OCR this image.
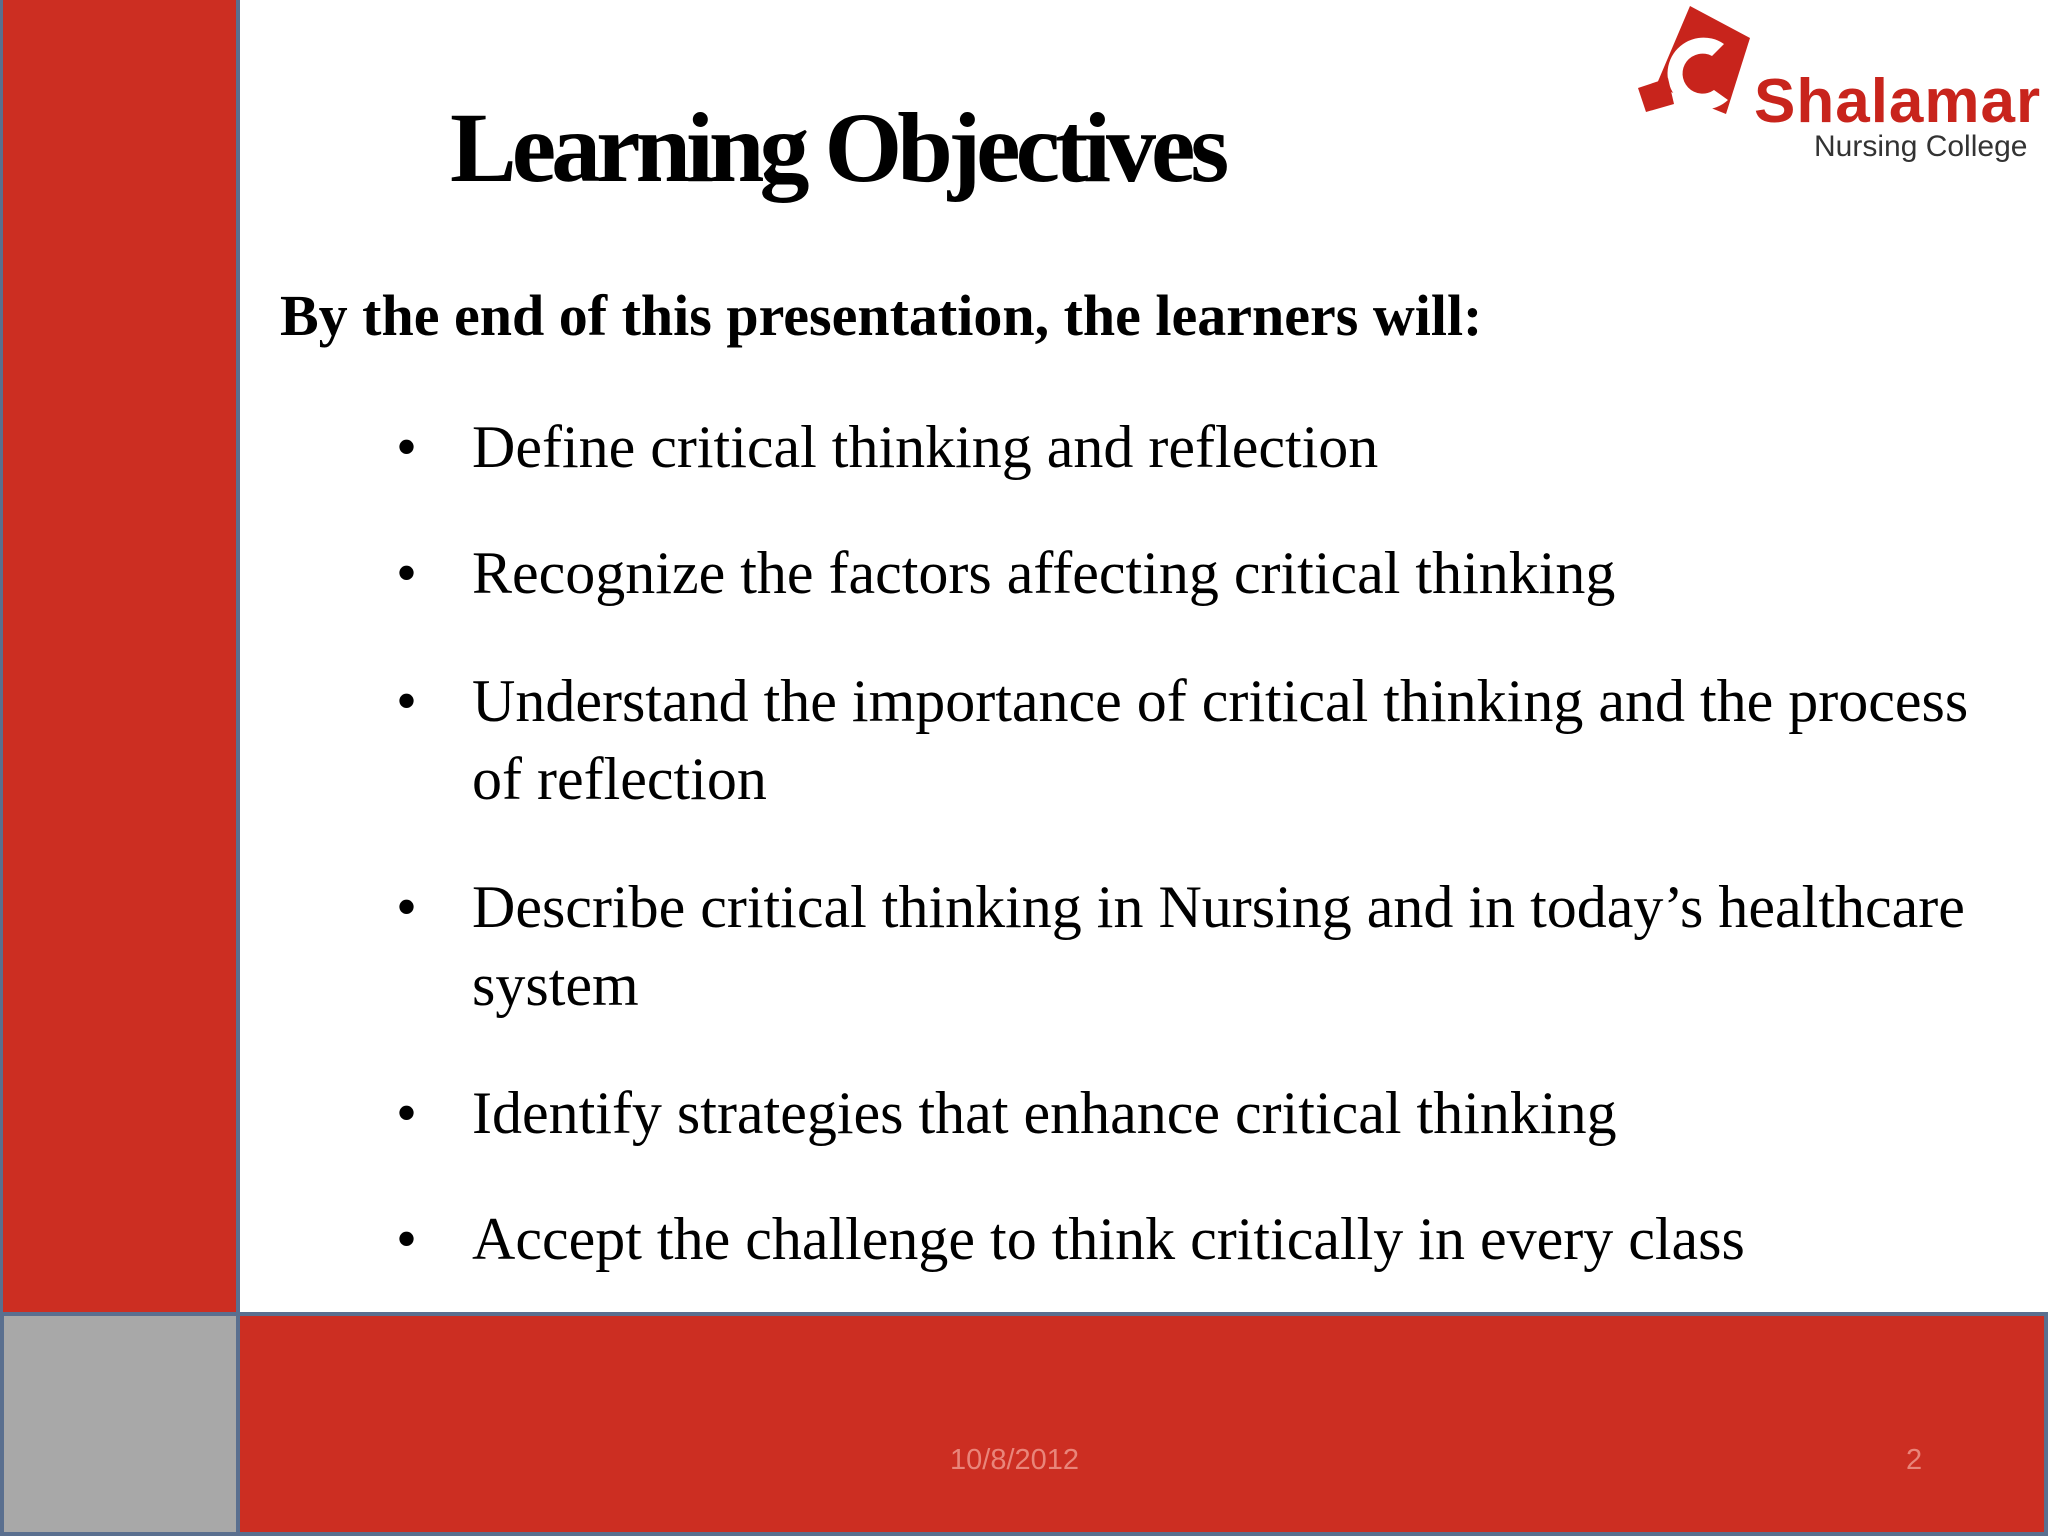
Shalamar
Nursing College
Learning Objectives
By the end of this presentation, the learners will:
• Define critical thinking and reflection
• Recognize the factors affecting critical thinking
• Understand the importance of critical thinking and the process of reflection
• Describe critical thinking in Nursing and in today’s healthcare system
• Identify strategies that enhance critical thinking
• Accept the challenge to think critically in every class
10/8/2012	2
